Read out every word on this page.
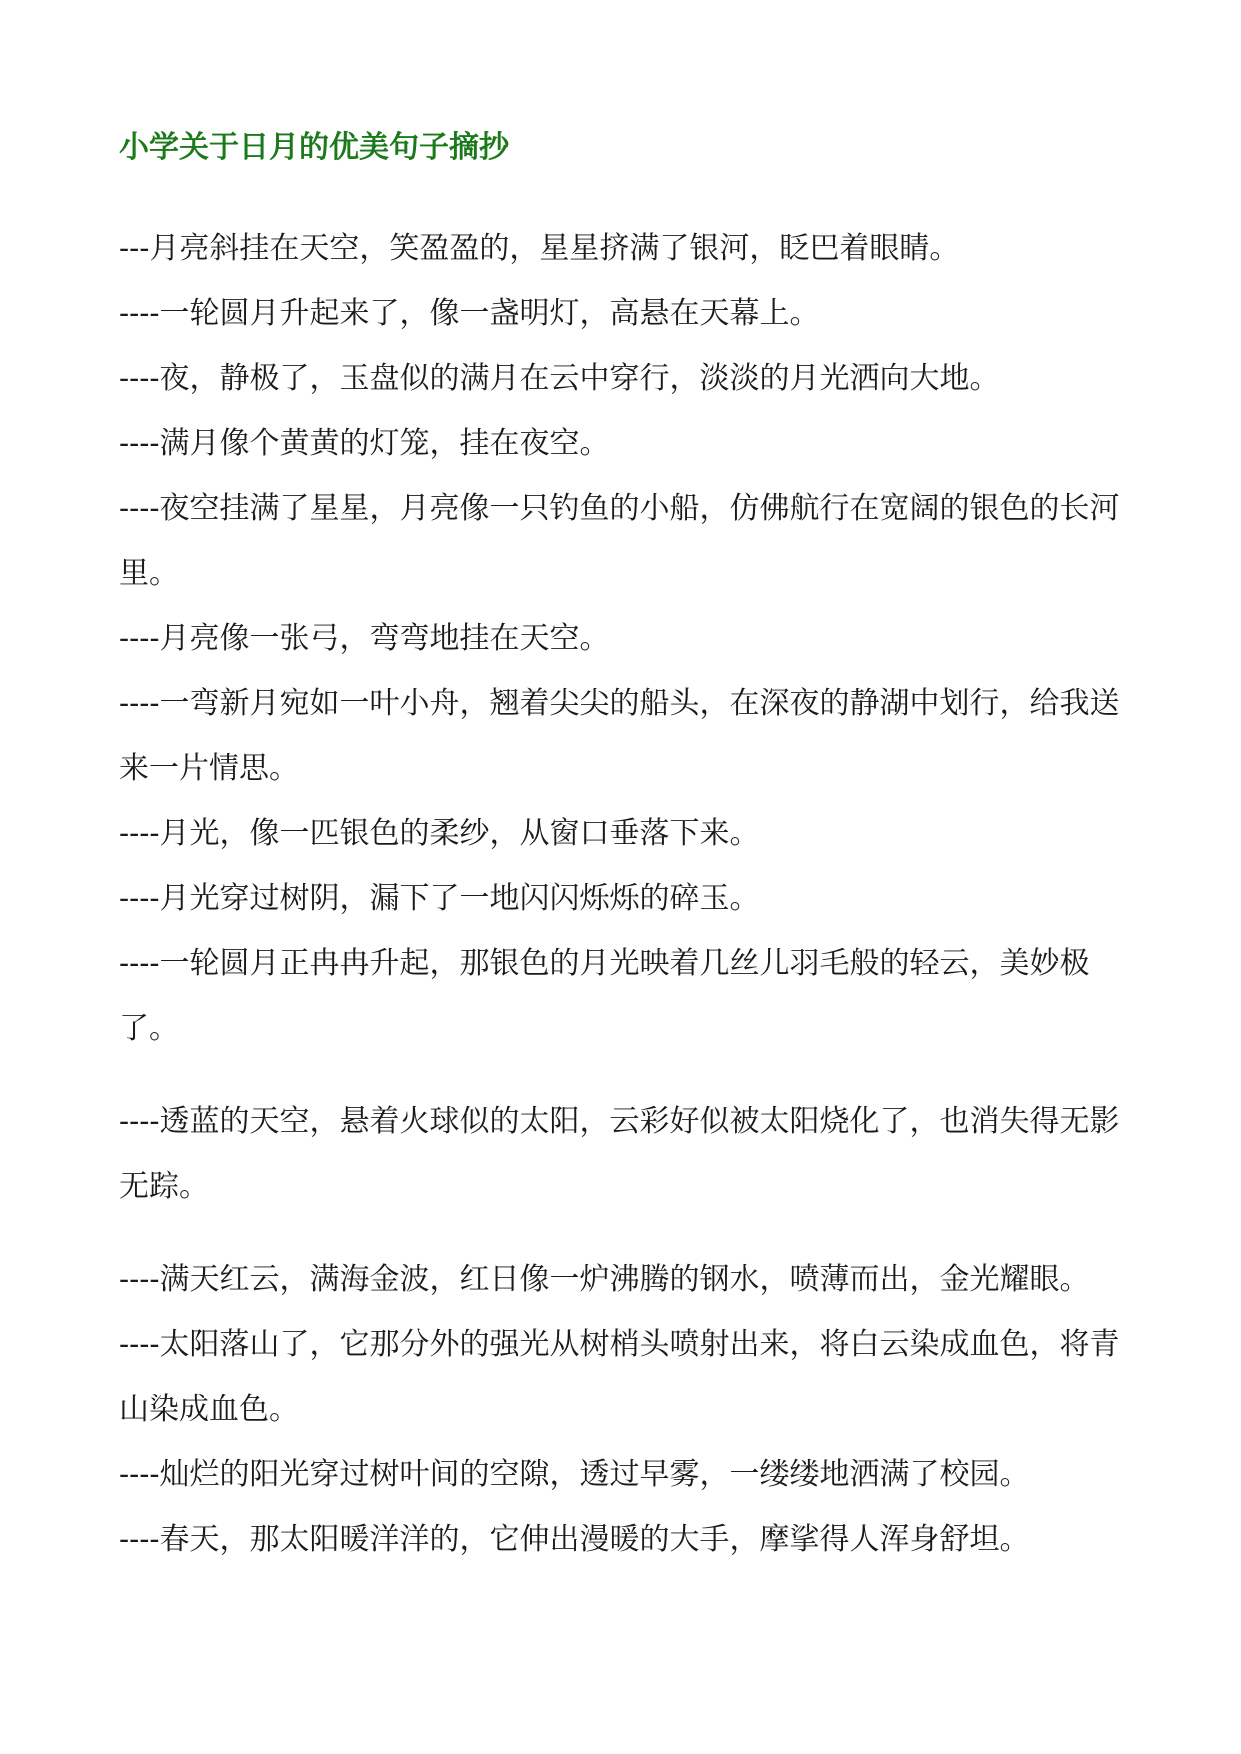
小学关于日月的优美句子摘抄

---月亮斜挂在天空，笑盈盈的，星星挤满了银河，眨巴着眼睛。

----一轮圆月升起来了，像一盏明灯，高悬在天幕上。

----夜，静极了，玉盘似的满月在云中穿行，淡淡的月光洒向大地。

----满月像个黄黄的灯笼，挂在夜空。

----夜空挂满了星星，月亮像一只钓鱼的小船，仿佛航行在宽阔的银色的长河里。

----月亮像一张弓，弯弯地挂在天空。

----一弯新月宛如一叶小舟，翘着尖尖的船头，在深夜的静湖中划行，给我送来一片情思。

----月光，像一匹银色的柔纱，从窗口垂落下来。

----月光穿过树阴，漏下了一地闪闪烁烁的碎玉。

----一轮圆月正冉冉升起，那银色的月光映着几丝儿羽毛般的轻云，美妙极了。

----透蓝的天空，悬着火球似的太阳，云彩好似被太阳烧化了，也消失得无影无踪。

----满天红云，满海金波，红日像一炉沸腾的钢水，喷薄而出，金光耀眼。

----太阳落山了，它那分外的强光从树梢头喷射出来，将白云染成血色，将青山染成血色。

----灿烂的阳光穿过树叶间的空隙，透过早雾，一缕缕地洒满了校园。

----春天，那太阳暖洋洋的，它伸出漫暖的大手，摩挲得人浑身舒坦。
